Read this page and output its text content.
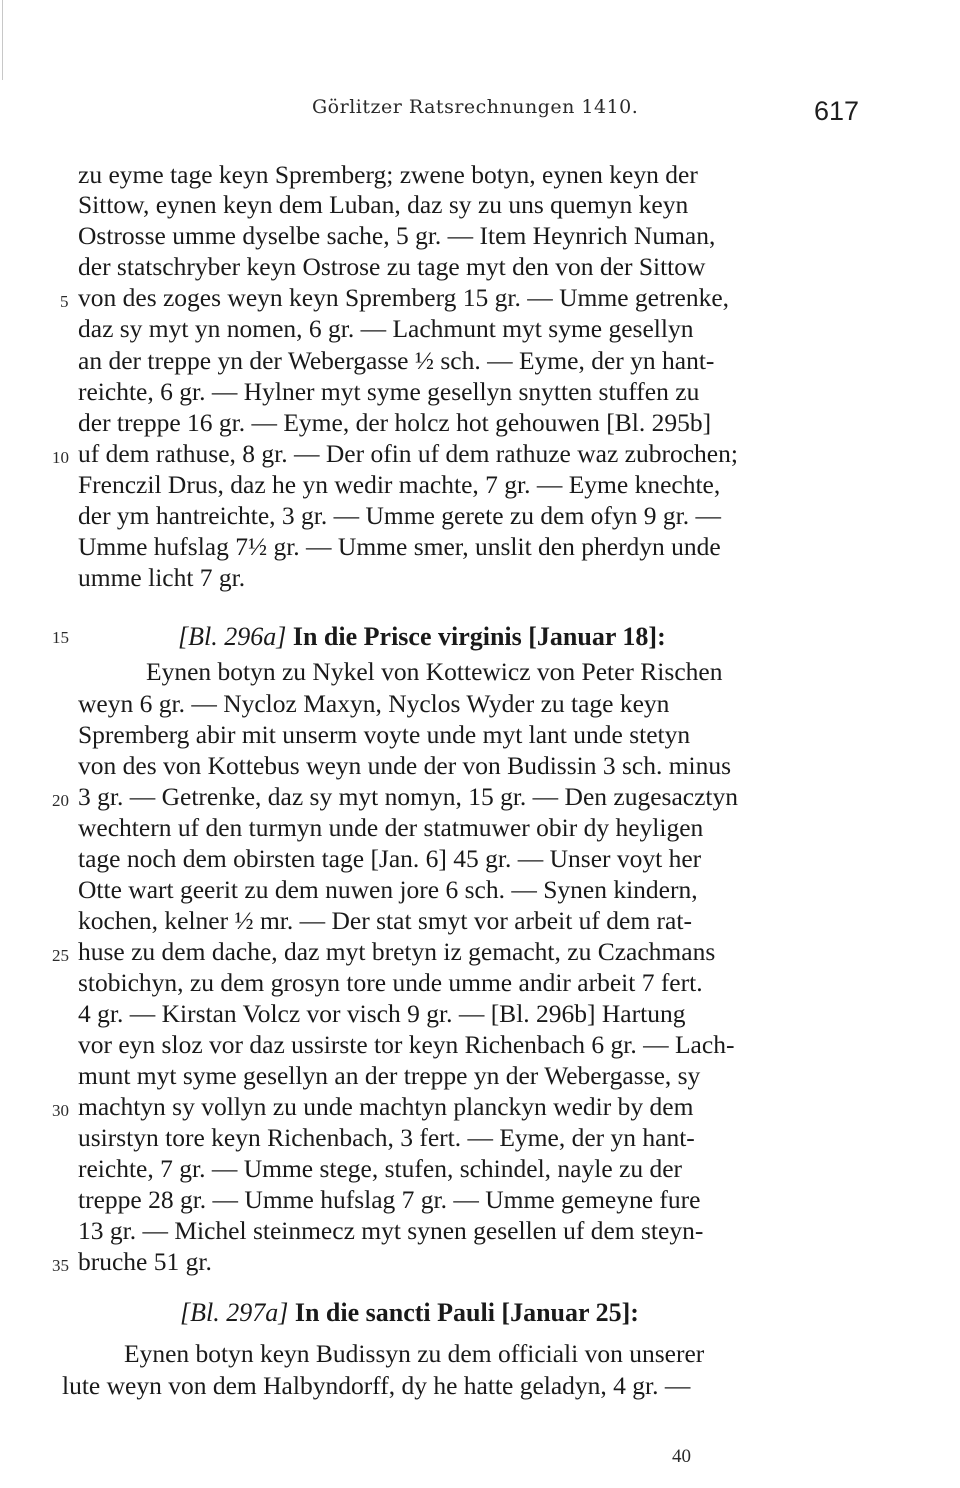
Görlitzer Ratsrechnungen 1410.	617
zu eyme tage keyn Spremberg; zwene botyn, eynen keyn der
Sittow, eynen keyn dem Luban, daz sy zu uns quemyn keyn
Ostrosse umme dyselbe sache, 5 gr. — Item Heynrich Numan,
der statschryber keyn Ostrose zu tage myt den von der Sittow
von des zoges weyn keyn Spremberg 15 gr. — Umme getrenke,
daz sy myt yn nomen, 6 gr. — Lachmunt myt syme gesellyn
an der treppe yn der Webergasse ½ sch. — Eyme, der yn hant-
reichte, 6 gr. — Hylner myt syme gesellyn snytten stuffen zu
der treppe 16 gr. — Eyme, der holcz hot gehouwen [Bl. 295b]
uf dem rathuse, 8 gr. — Der ofin uf dem rathuze waz zubrochen;
Frenczil Drus, daz he yn wedir machte, 7 gr. — Eyme knechte,
der ym hantreichte, 3 gr. — Umme gerete zu dem ofyn 9 gr. —
Umme hufslag 7½ gr. — Umme smer, unslit den pherdyn unde
umme licht 7 gr.
[Bl. 296a] In die Prisce virginis [Januar 18]:
Eynen botyn zu Nykel von Kottewicz von Peter Rischen
weyn 6 gr. — Nycloz Maxyn, Nyclos Wyder zu tage keyn
Spremberg abir mit unserm voyte unde myt lant unde stetyn
von des von Kottebus weyn unde der von Budissin 3 sch. minus
3 gr. — Getrenke, daz sy myt nomyn, 15 gr. — Den zugesacztyn
wechtern uf den turmyn unde der statmuwer obir dy heyligen
tage noch dem obirsten tage [Jan. 6] 45 gr. — Unser voyt her
Otte wart geerit zu dem nuwen jore 6 sch. — Synen kindern,
kochen, kelner ½ mr. — Der stat smyt vor arbeit uf dem rat-
huse zu dem dache, daz myt bretyn iz gemacht, zu Czachmans
stobichyn, zu dem grosyn tore unde umme andir arbeit 7 fert.
4 gr. — Kirstan Volcz vor visch 9 gr. — [Bl. 296b] Hartung
vor eyn sloz vor daz ussirste tor keyn Richenbach 6 gr. — Lach-
munt myt syme gesellyn an der treppe yn der Webergasse, sy
machtyn sy vollyn zu unde machtyn planckyn wedir by dem
usirstyn tore keyn Richenbach, 3 fert. — Eyme, der yn hant-
reichte, 7 gr. — Umme stege, stufen, schindel, nayle zu der
treppe 28 gr. — Umme hufslag 7 gr. — Umme gemeyne fure
13 gr. — Michel steinmecz myt synen gesellen uf dem steyn-
bruche 51 gr.
[Bl. 297a] In die sancti Pauli [Januar 25]:
Eynen botyn keyn Budissyn zu dem officiali von unserer
lute weyn von dem Halbyndorff, dy he hatte geladyn, 4 gr. —
5
10
15
20
25
30
35
40
